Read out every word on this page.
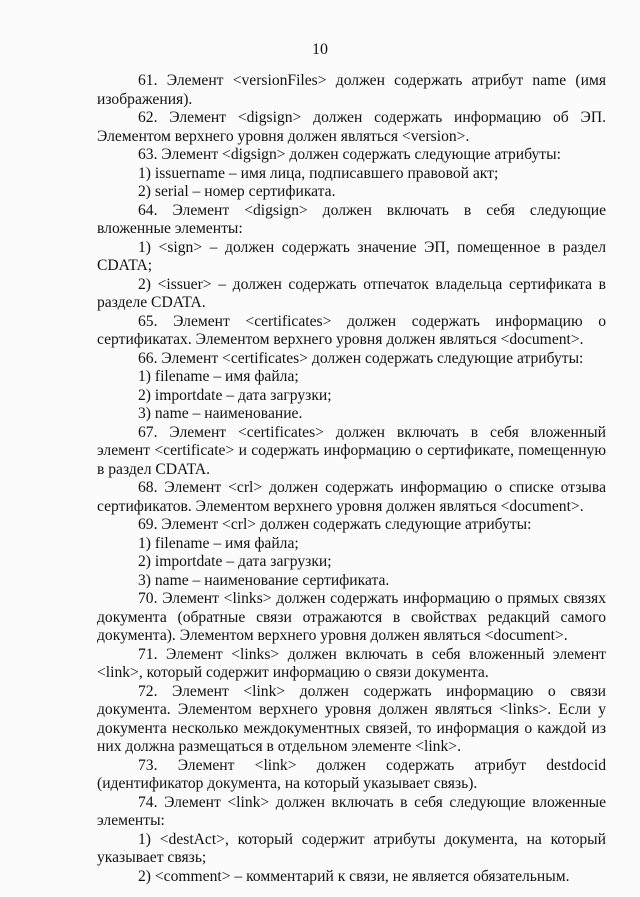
10

61. Элемент <versionFiles> должен содержать атрибут name (имя изображения).

62. Элемент <digsign> должен содержать информацию об ЭП. Элементом верхнего уровня должен являться <version>.

63. Элемент <digsign> должен содержать следующие атрибуты:

1) issuername – имя лица, подписавшего правовой акт;

2) serial – номер сертификата.

64. Элемент <digsign> должен включать в себя следующие вложенные элементы:

1) <sign> – должен содержать значение ЭП, помещенное в раздел CDATA;

2) <issuer> – должен содержать отпечаток владельца сертификата в разделе CDATA.

65. Элемент <certificates> должен содержать информацию о сертификатах. Элементом верхнего уровня должен являться <document>.

66. Элемент <certificates> должен содержать следующие атрибуты:

1) filename – имя файла;

2) importdate – дата загрузки;

3) name – наименование.

67. Элемент <certificates> должен включать в себя вложенный элемент <certificate> и содержать информацию о сертификате, помещенную в раздел CDATA.

68. Элемент <crl> должен содержать информацию о списке отзыва сертификатов. Элементом верхнего уровня должен являться <document>.

69. Элемент <crl> должен содержать следующие атрибуты:

1) filename – имя файла;

2) importdate – дата загрузки;

3) name – наименование сертификата.

70. Элемент <links> должен содержать информацию о прямых связях документа (обратные связи отражаются в свойствах редакций самого документа). Элементом верхнего уровня должен являться <document>.

71. Элемент <links> должен включать в себя вложенный элемент <link>, который содержит информацию о связи документа.

72. Элемент <link> должен содержать информацию о связи документа. Элементом верхнего уровня должен являться <links>. Если у документа несколько междокументных связей, то информация о каждой из них должна размещаться в отдельном элементе <link>.

73. Элемент <link> должен содержать атрибут destdocid (идентификатор документа, на который указывает связь).

74. Элемент <link> должен включать в себя следующие вложенные элементы:

1) <destAct>, который содержит атрибуты документа, на который указывает связь;

2) <comment> – комментарий к связи, не является обязательным.
